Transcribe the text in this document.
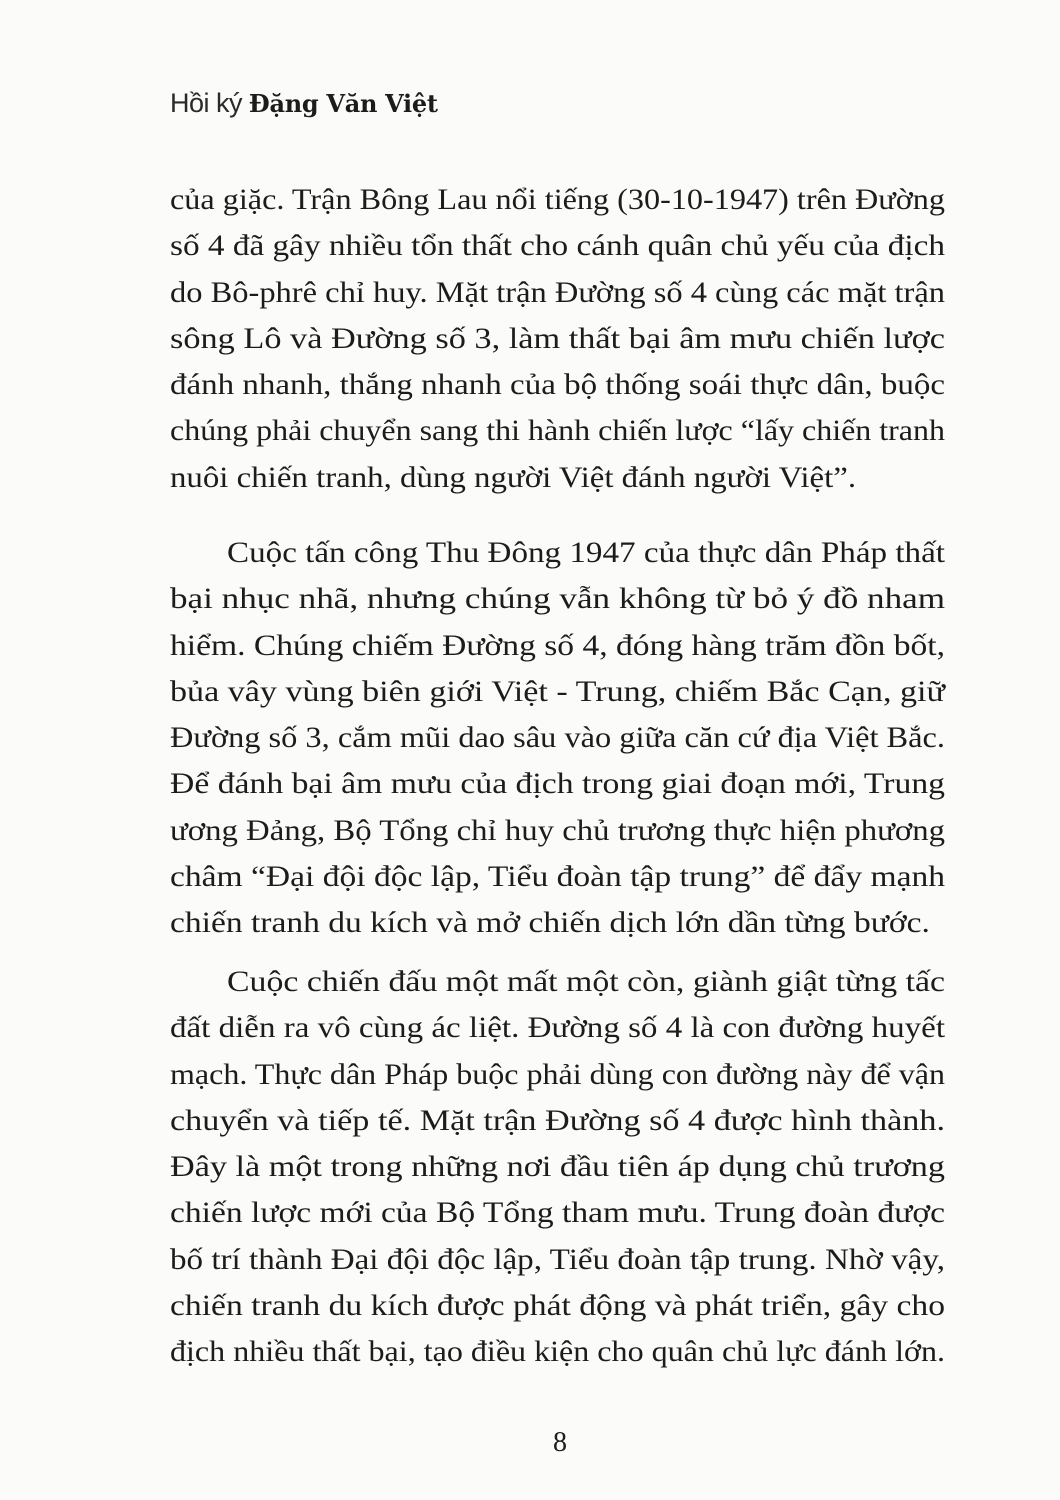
Hồi ký Đặng Văn Việt
của giặc. Trận Bông Lau nổi tiếng (30-10-1947) trên Đường
số 4 đã gây nhiều tổn thất cho cánh quân chủ yếu của địch
do Bô-phrê chỉ huy. Mặt trận Đường số 4 cùng các mặt trận
sông Lô và Đường số 3, làm thất bại âm mưu chiến lược
đánh nhanh, thắng nhanh của bộ thống soái thực dân, buộc
chúng phải chuyển sang thi hành chiến lược “lấy chiến tranh
nuôi chiến tranh, dùng người Việt đánh người Việt”.
Cuộc tấn công Thu Đông 1947 của thực dân Pháp thất
bại nhục nhã, nhưng chúng vẫn không từ bỏ ý đồ nham
hiểm. Chúng chiếm Đường số 4, đóng hàng trăm đồn bốt,
bủa vây vùng biên giới Việt - Trung, chiếm Bắc Cạn, giữ
Đường số 3, cắm mũi dao sâu vào giữa căn cứ địa Việt Bắc.
Để đánh bại âm mưu của địch trong giai đoạn mới, Trung
ương Đảng, Bộ Tổng chỉ huy chủ trương thực hiện phương
châm “Đại đội độc lập, Tiểu đoàn tập trung” để đẩy mạnh
chiến tranh du kích và mở chiến dịch lớn dần từng bước.
Cuộc chiến đấu một mất một còn, giành giật từng tấc
đất diễn ra vô cùng ác liệt. Đường số 4 là con đường huyết
mạch. Thực dân Pháp buộc phải dùng con đường này để vận
chuyển và tiếp tế. Mặt trận Đường số 4 được hình thành.
Đây là một trong những nơi đầu tiên áp dụng chủ trương
chiến lược mới của Bộ Tổng tham mưu. Trung đoàn được
bố trí thành Đại đội độc lập, Tiểu đoàn tập trung. Nhờ vậy,
chiến tranh du kích được phát động và phát triển, gây cho
địch nhiều thất bại, tạo điều kiện cho quân chủ lực đánh lớn.
8
